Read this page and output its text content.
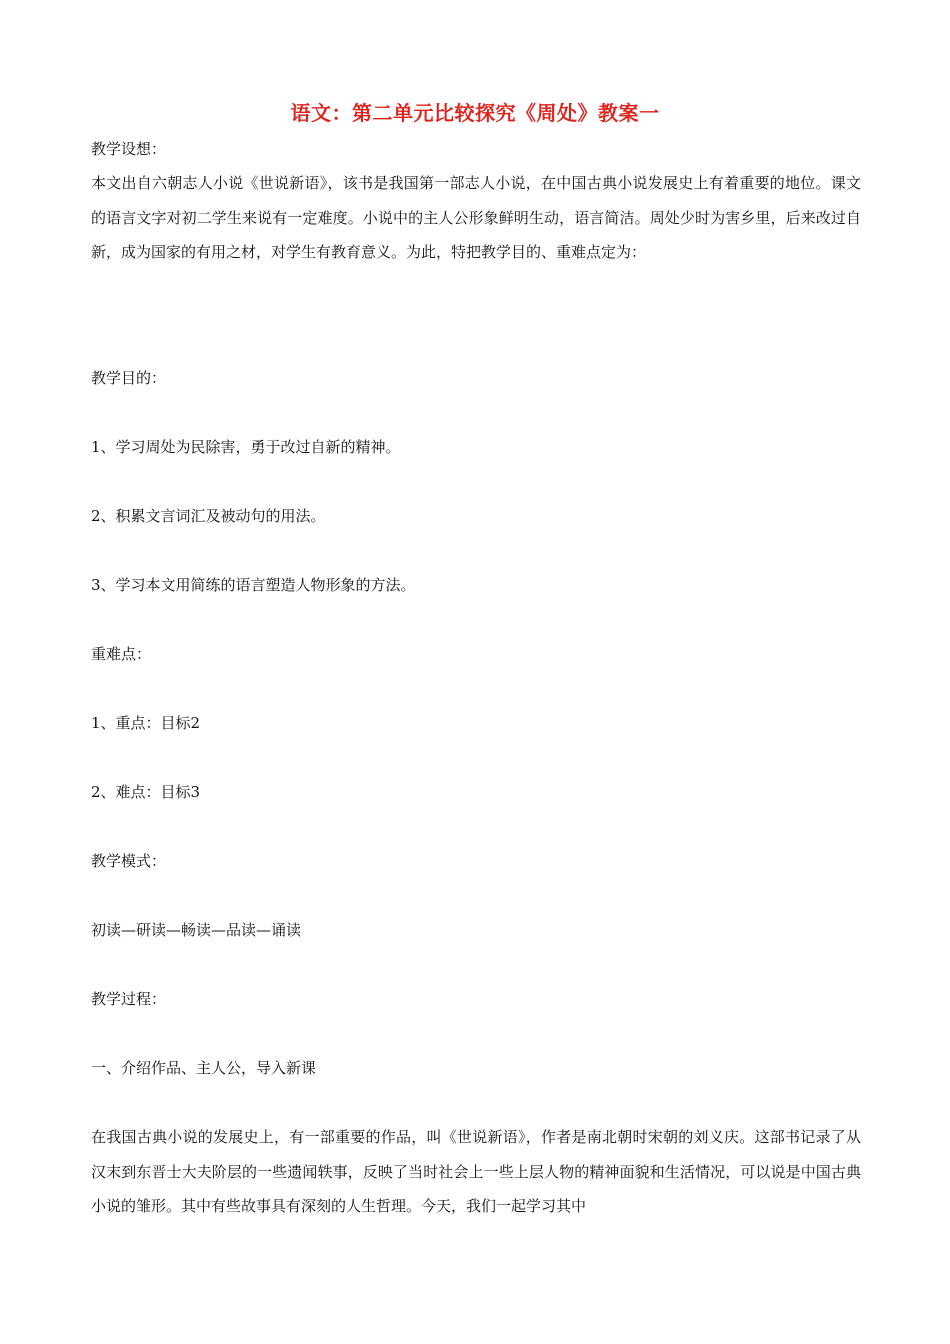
语文：第二单元比较探究《周处》教案一
教学设想：

本文出自六朝志人小说《世说新语》，该书是我国第一部志人小说，在中国古典小说发展史上有着重要的地位。课文的语言文字对初二学生来说有一定难度。小说中的主人公形象鲜明生动，语言简洁。周处少时为害乡里，后来改过自新，成为国家的有用之材，对学生有教育意义。为此，特把教学目的、重难点定为：

教学目的：
1、学习周处为民除害，勇于改过自新的精神。
2、积累文言词汇及被动句的用法。
3、学习本文用简练的语言塑造人物形象的方法。
重难点：
1、重点：目标2
2、难点：目标3
教学模式：
初读—研读—畅读—品读—诵读
教学过程：
一、介绍作品、主人公，导入新课

在我国古典小说的发展史上，有一部重要的作品，叫《世说新语》，作者是南北朝时宋朝的刘义庆。这部书记录了从汉末到东晋士大夫阶层的一些遗闻轶事，反映了当时社会上一些上层人物的精神面貌和生活情况，可以说是中国古典小说的雏形。其中有些故事具有深刻的人生哲理。今天，我们一起学习其中
